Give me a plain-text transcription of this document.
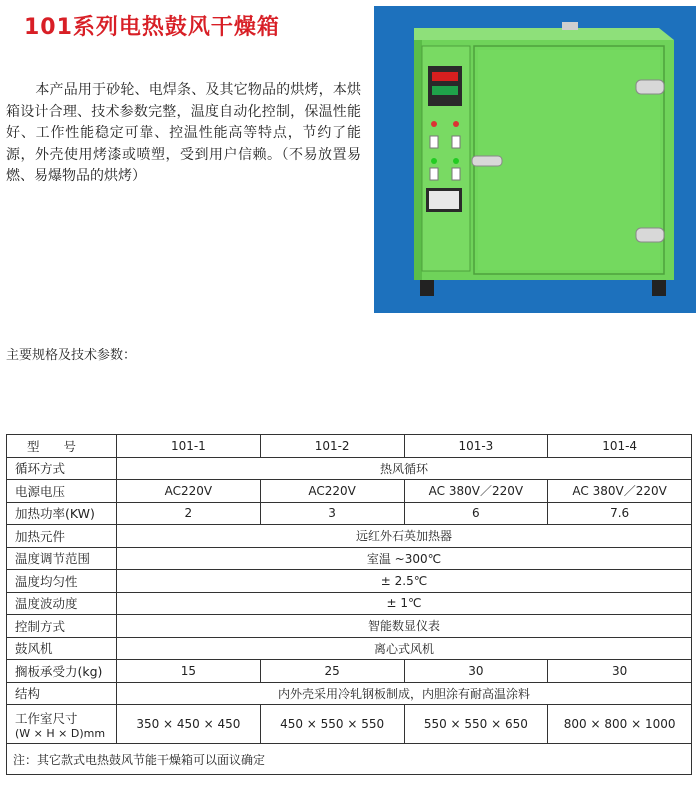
101系列电热鼓风干燥箱

本产品用于砂轮、电焊条、及其它物品的烘烤，本烘箱设计合理、技术参数完整，温度自动化控制，保温性能好、工作性能稳定可靠、控温性能高等特点，节约了能源，外壳使用烤漆或喷塑，受到用户信赖。（不易放置易燃、易爆物品的烘烤）

主要规格及技术参数：
型 号	101-1	101-2	101-3	101-4
循环方式	热风循环			
电源电压	AC220V	AC220V	AC 380V／220V	AC 380V／220V
加热功率(KW)	2	3	6	7.6
加热元件	远红外石英加热器			
温度调节范围	室温 ~300℃			
温度均匀性	± 2.5℃			
温度波动度	± 1℃			
控制方式	智能数显仪表			
鼓风机	离心式风机			
搁板承受力(kg)	15	25	30	30
结构	内外壳采用冷轧钢板制成，内胆涂有耐高温涂料			

工作室尺寸
(W × H × D)mm	350 × 450 × 450	450 × 550 × 550	550 × 550 × 650	800 × 800 × 1000
注：其它款式电热鼓风节能干燥箱可以面议确定				
